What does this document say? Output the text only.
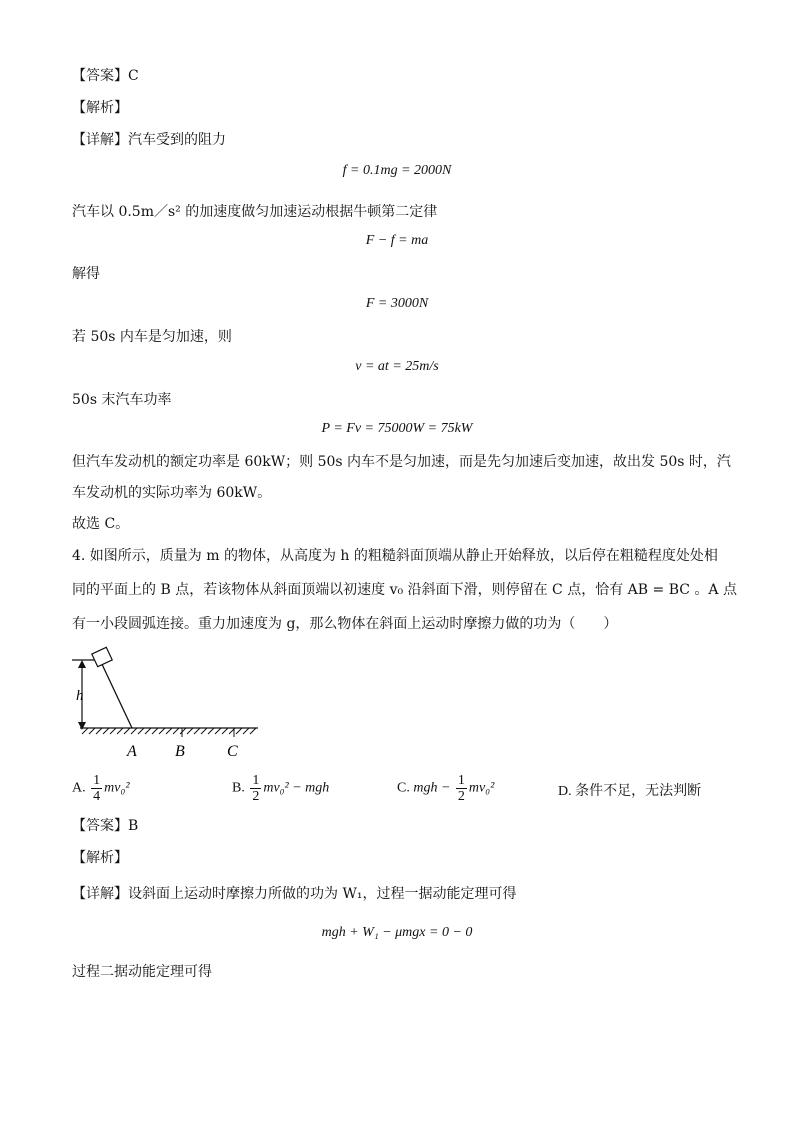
【答案】C
【解析】
【详解】汽车受到的阻力
f = 0.1mg = 2000N
汽车以 0.5m／s² 的加速度做匀加速运动根据牛顿第二定律
F − f = ma
解得
F = 3000N
若 50s 内车是匀加速，则
v = at = 25m/s
50s 末汽车功率
P = Fv = 75000W = 75kW
但汽车发动机的额定功率是 60kW；则 50s 内车不是匀加速，而是先匀加速后变加速，故出发 50s 时，汽
车发动机的实际功率为 60kW。
故选 C。
4. 如图所示，质量为 m 的物体，从高度为 h 的粗糙斜面顶端从静止开始释放，以后停在粗糙程度处处相
同的平面上的 B 点，若该物体从斜面顶端以初速度 v₀ 沿斜面下滑，则停留在 C 点，恰有 AB = BC 。A 点
有一小段圆弧连接。重力加速度为 g，那么物体在斜面上运动时摩擦力做的功为（　　）
h
A B	C
A. $\frac{1}{4} mv_0^2$	B. $\frac{1}{2} mv_0^2$ − mgh	C. mgh − $\frac{1}{2} mv_0^2$	D. 条件不足，无法判断
【答案】B
【解析】
【详解】设斜面上运动时摩擦力所做的功为 W₁，过程一据动能定理可得
mgh + W₁ − μmgx = 0 − 0
过程二据动能定理可得
